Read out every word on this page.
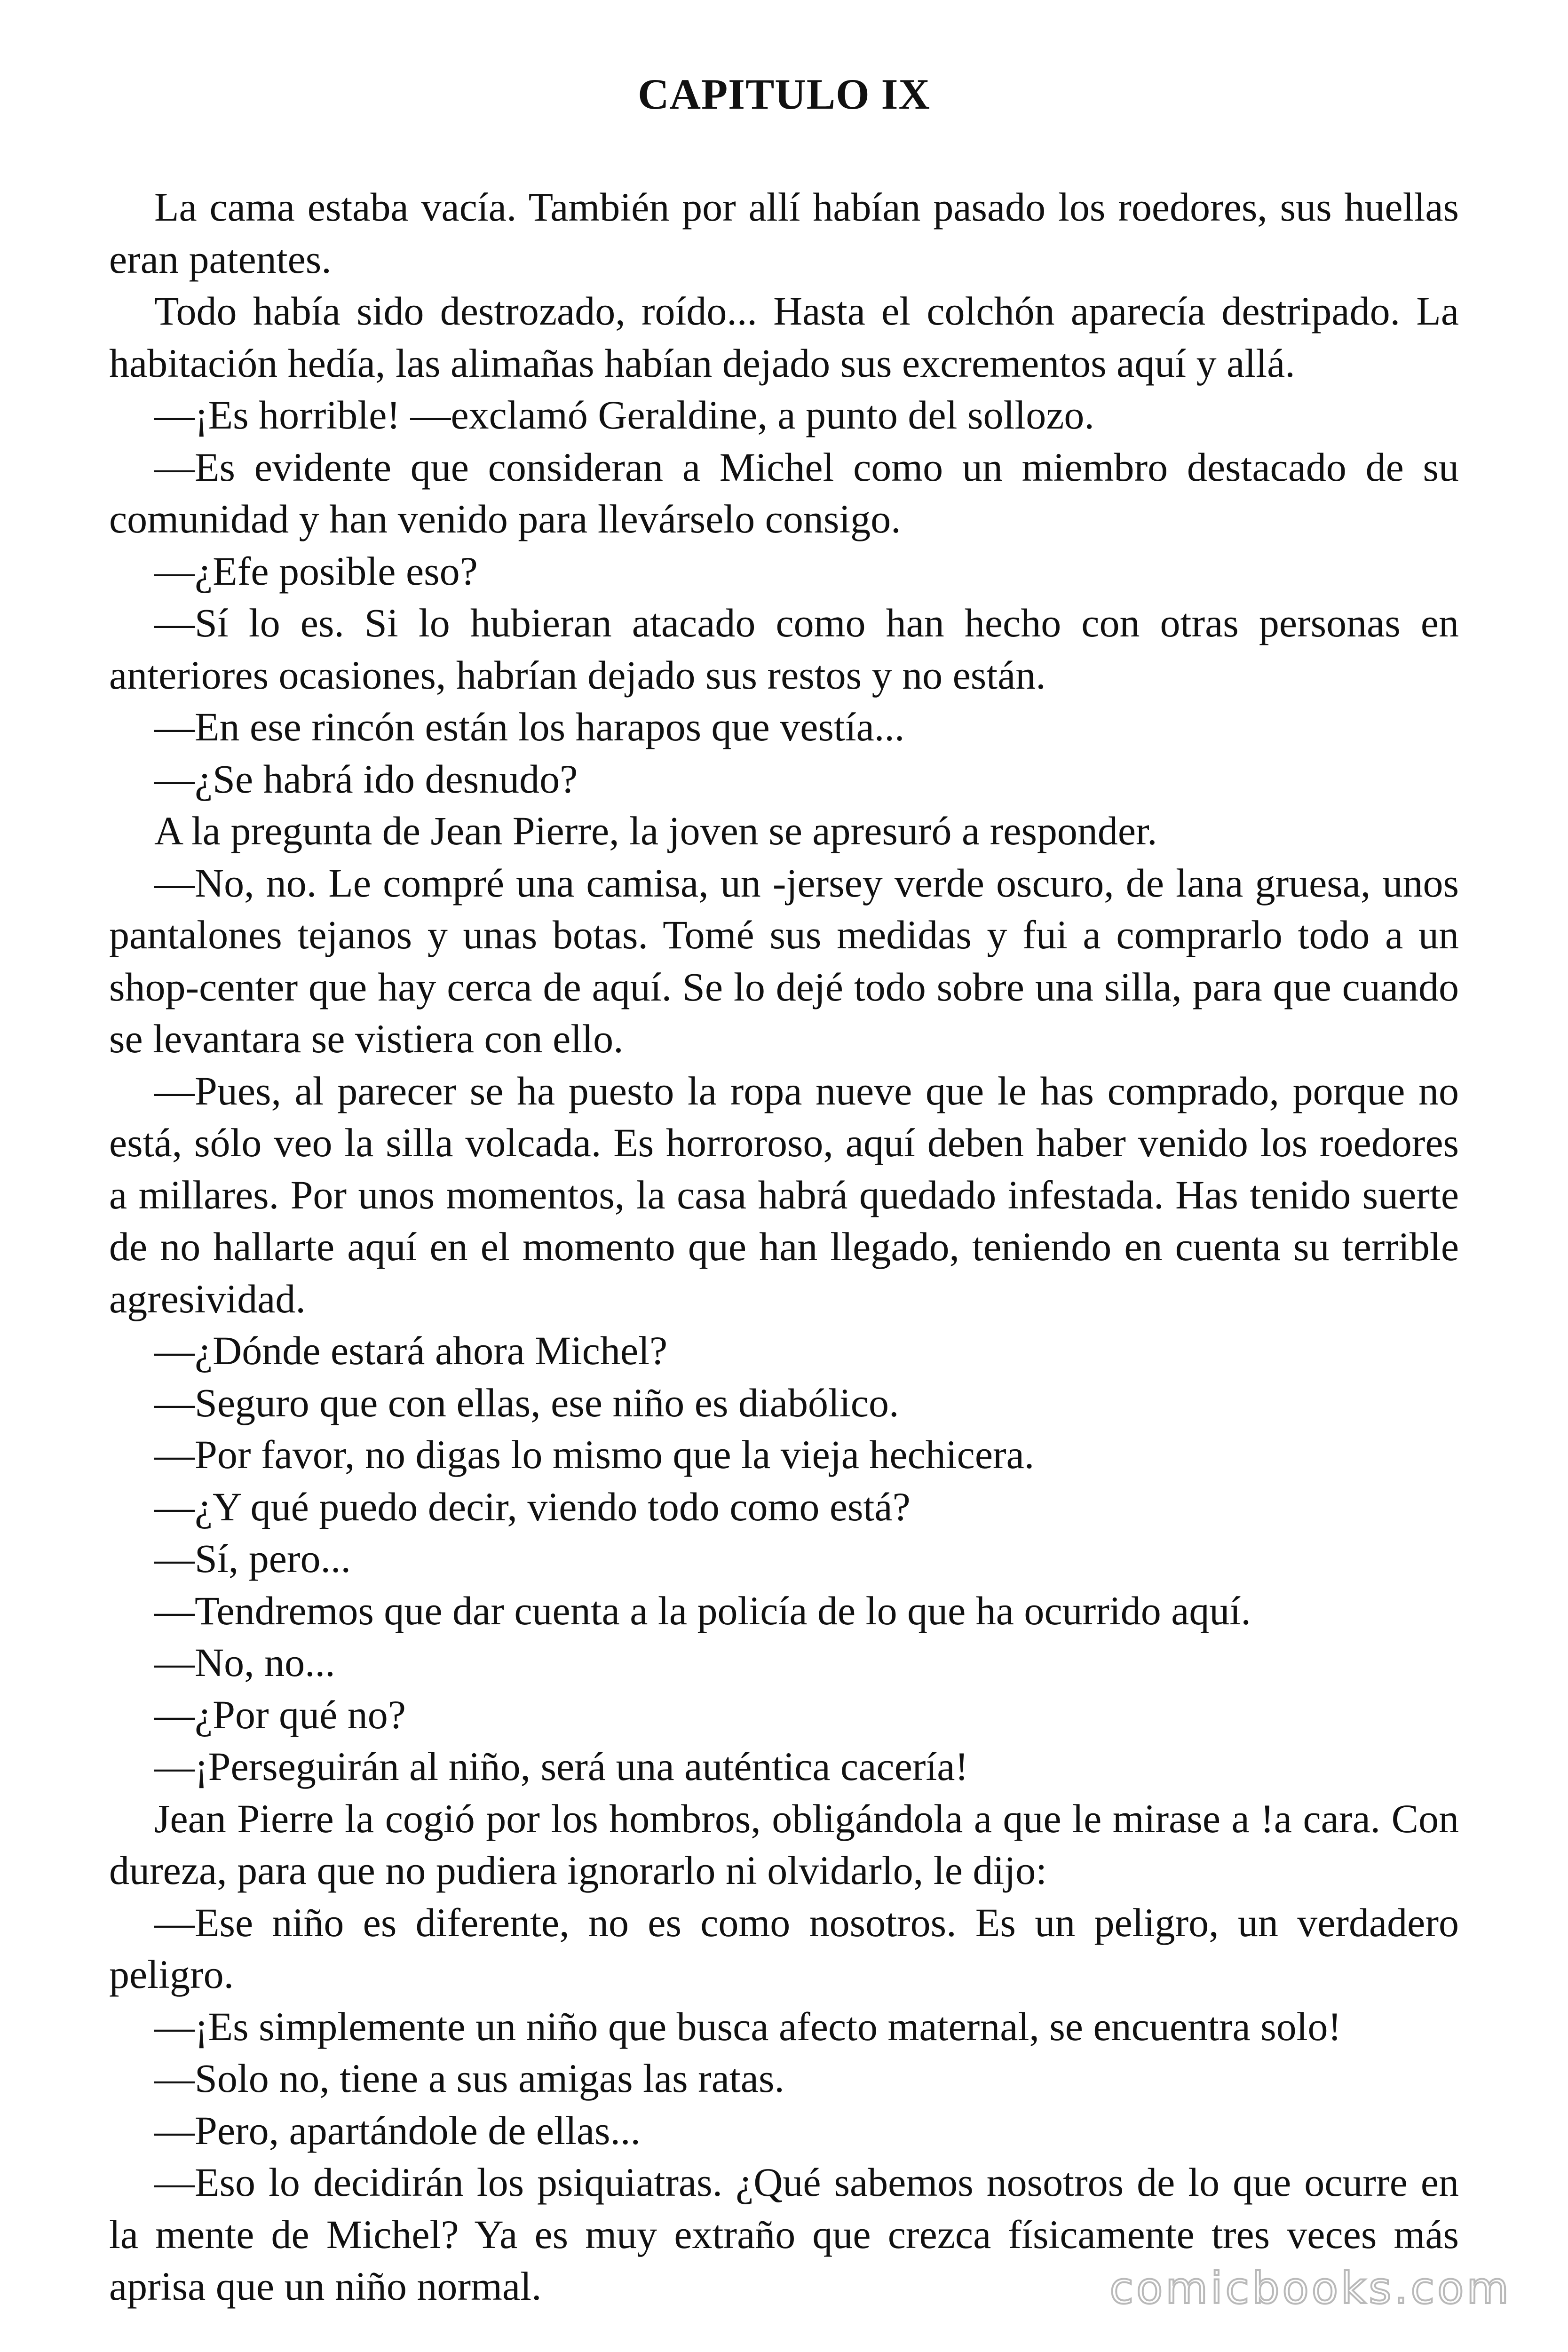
CAPITULO IX

La cama estaba vacía. También por allí habían pasado los roedores, sus huellas eran patentes.

Todo había sido destrozado, roído... Hasta el colchón aparecía destripado. La habitación hedía, las alimañas habían dejado sus excrementos aquí y allá.

—¡Es horrible! —exclamó Geraldine, a punto del sollozo.

—Es evidente que consideran a Michel como un miembro destacado de su comunidad y han venido para llevárselo consigo.

—¿Efe posible eso?

—Sí lo es. Si lo hubieran atacado como han hecho con otras personas en anteriores ocasiones, habrían dejado sus restos y no están.

—En ese rincón están los harapos que vestía...

—¿Se habrá ido desnudo?

A la pregunta de Jean Pierre, la joven se apresuró a responder.

—No, no. Le compré una camisa, un -jersey verde oscuro, de lana gruesa, unos pantalones tejanos y unas botas. Tomé sus medidas y fui a comprarlo todo a un shop-center que hay cerca de aquí. Se lo dejé todo sobre una silla, para que cuando se levantara se vistiera con ello.

—Pues, al parecer se ha puesto la ropa nueve que le has comprado, porque no está, sólo veo la silla volcada. Es horroroso, aquí deben haber venido los roedores a millares. Por unos momentos, la casa habrá quedado infestada. Has tenido suerte de no hallarte aquí en el momento que han llegado, teniendo en cuenta su terrible agresividad.

—¿Dónde estará ahora Michel?

—Seguro que con ellas, ese niño es diabólico.

—Por favor, no digas lo mismo que la vieja hechicera.

—¿Y qué puedo decir, viendo todo como está?

—Sí, pero...

—Tendremos que dar cuenta a la policía de lo que ha ocurrido aquí.

—No, no...

—¿Por qué no?

—¡Perseguirán al niño, será una auténtica cacería!

Jean Pierre la cogió por los hombros, obligándola a que le mirase a !a cara. Con dureza, para que no pudiera ignorarlo ni olvidarlo, le dijo:

—Ese niño es diferente, no es como nosotros. Es un peligro, un verdadero peligro.

—¡Es simplemente un niño que busca afecto maternal, se encuentra solo!

—Solo no, tiene a sus amigas las ratas.

—Pero, apartándole de ellas...

—Eso lo decidirán los psiquiatras. ¿Qué sabemos nosotros de lo que ocurre en la mente de Michel? Ya es muy extraño que crezca físicamente tres veces más aprisa que un niño normal.	comicbooks.com
